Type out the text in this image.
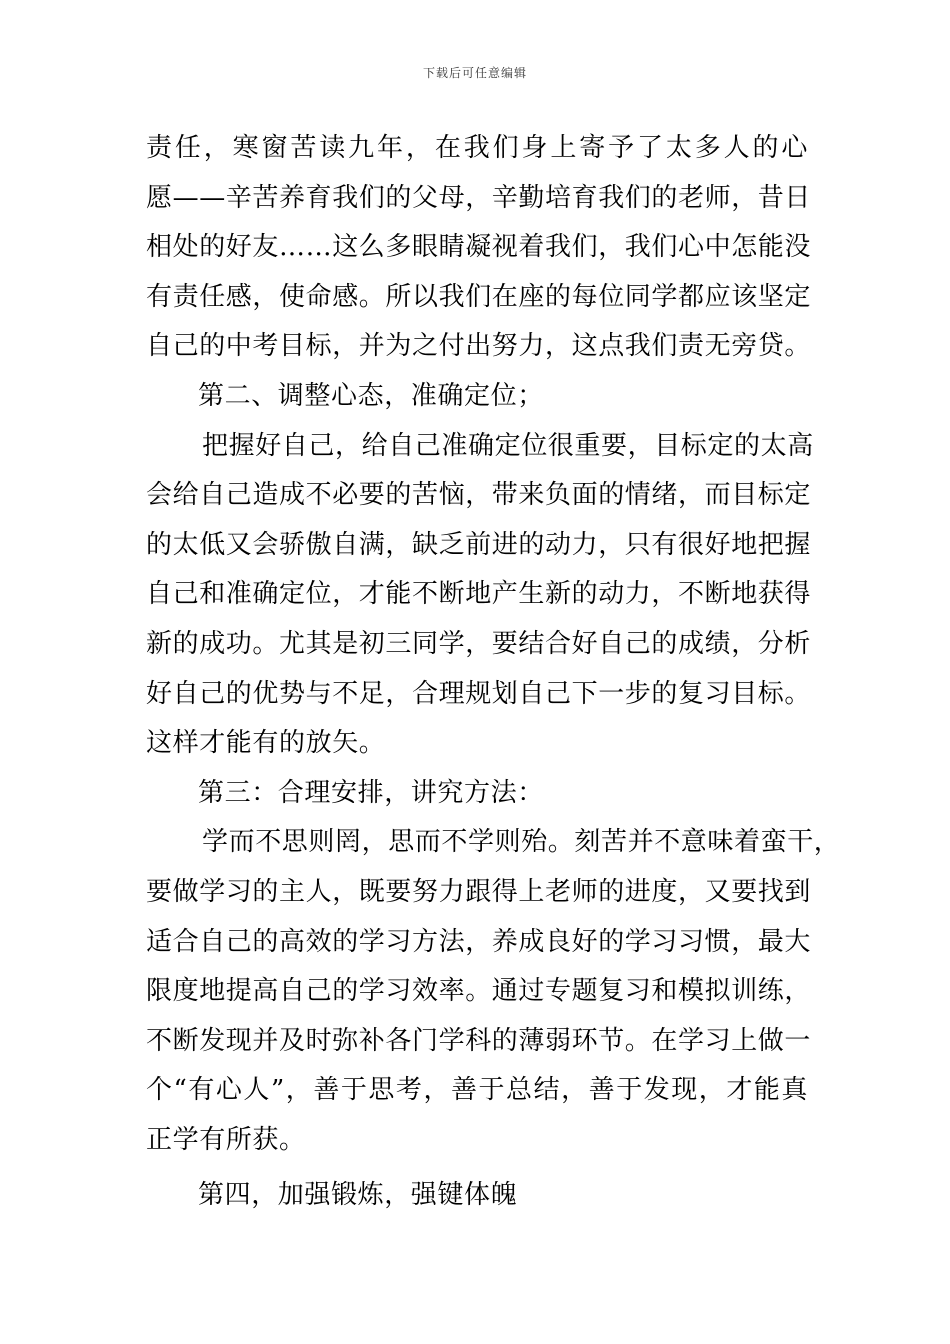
下载后可任意编辑
责任，寒窗苦读九年，在我们身上寄予了太多人的心
愿——辛苦养育我们的父母，辛勤培育我们的老师，昔日
相处的好友……这么多眼睛凝视着我们，我们心中怎能没
有责任感，使命感。所以我们在座的每位同学都应该坚定
自己的中考目标，并为之付出努力，这点我们责无旁贷。
第二、调整心态，准确定位；
把握好自己，给自己准确定位很重要，目标定的太高
会给自己造成不必要的苦恼，带来负面的情绪，而目标定
的太低又会骄傲自满，缺乏前进的动力，只有很好地把握
自己和准确定位，才能不断地产生新的动力，不断地获得
新的成功。尤其是初三同学，要结合好自己的成绩，分析
好自己的优势与不足，合理规划自己下一步的复习目标。
这样才能有的放矢。
第三：合理安排，讲究方法：
学而不思则罔，思而不学则殆。刻苦并不意味着蛮干，
要做学习的主人，既要努力跟得上老师的进度，又要找到
适合自己的高效的学习方法，养成良好的学习习惯，最大
限度地提高自己的学习效率。通过专题复习和模拟训练，
不断发现并及时弥补各门学科的薄弱环节。在学习上做一
个“有心人”，善于思考，善于总结，善于发现，才能真
正学有所获。
第四，加强锻炼，强键体魄
